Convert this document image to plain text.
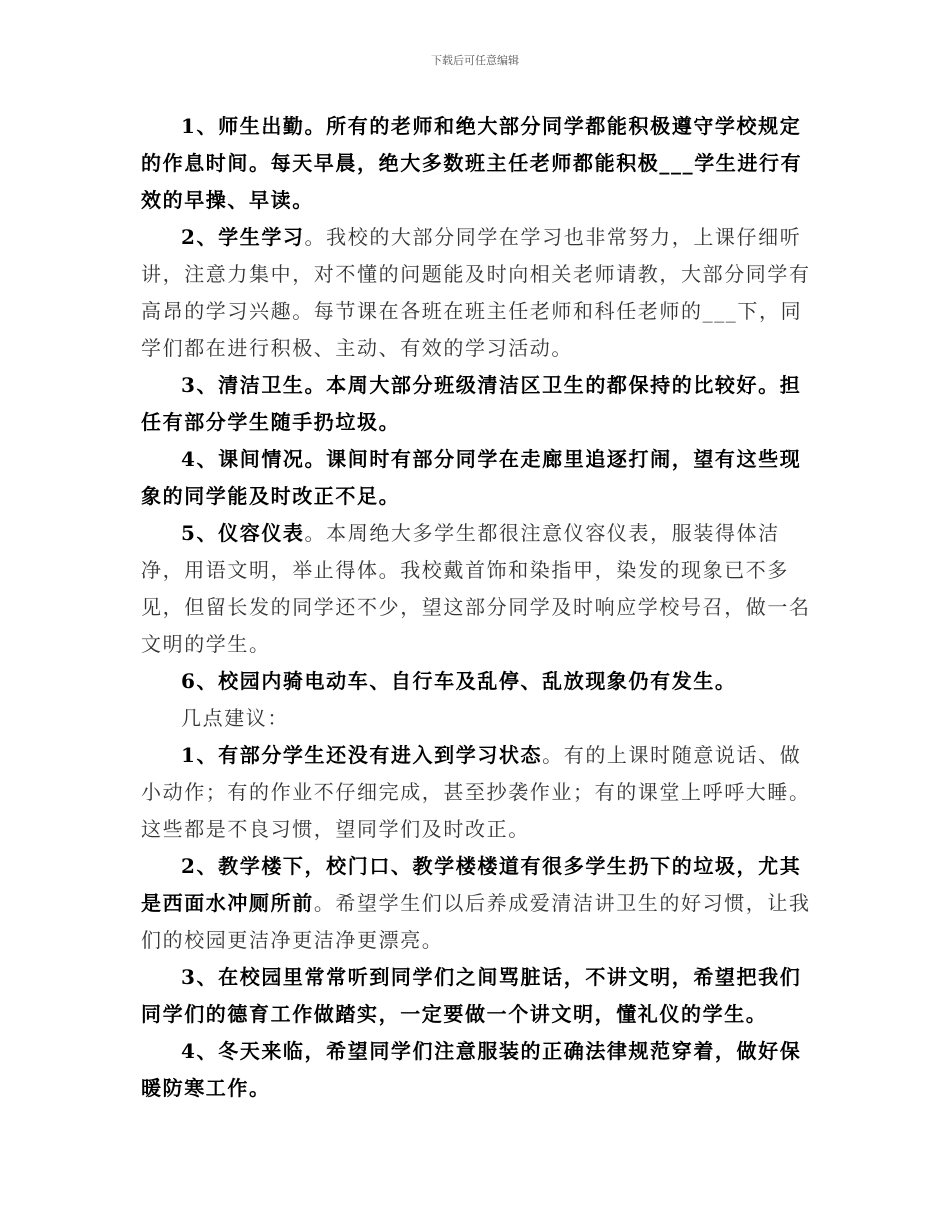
下载后可任意编辑

1、师生出勤。所有的老师和绝大部分同学都能积极遵守学校规定的作息时间。每天早晨，绝大多数班主任老师都能积极___学生进行有效的早操、早读。

2、学生学习。我校的大部分同学在学习也非常努力，上课仔细听讲，注意力集中，对不懂的问题能及时向相关老师请教，大部分同学有高昂的学习兴趣。每节课在各班在班主任老师和科任老师的___下，同学们都在进行积极、主动、有效的学习活动。

3、清洁卫生。本周大部分班级清洁区卫生的都保持的比较好。担任有部分学生随手扔垃圾。

4、课间情况。课间时有部分同学在走廊里追逐打闹，望有这些现象的同学能及时改正不足。

5、仪容仪表。本周绝大多学生都很注意仪容仪表，服装得体洁净，用语文明，举止得体。我校戴首饰和染指甲，染发的现象已不多见，但留长发的同学还不少，望这部分同学及时响应学校号召，做一名文明的学生。

6、校园内骑电动车、自行车及乱停、乱放现象仍有发生。

几点建议：

1、有部分学生还没有进入到学习状态。有的上课时随意说话、做小动作；有的作业不仔细完成，甚至抄袭作业；有的课堂上呼呼大睡。这些都是不良习惯，望同学们及时改正。

2、教学楼下，校门口、教学楼楼道有很多学生扔下的垃圾，尤其是西面水冲厕所前。希望学生们以后养成爱清洁讲卫生的好习惯，让我们的校园更洁净更洁净更漂亮。

3、在校园里常常听到同学们之间骂脏话，不讲文明，希望把我们同学们的德育工作做踏实，一定要做一个讲文明，懂礼仪的学生。

4、冬天来临，希望同学们注意服装的正确法律规范穿着，做好保暖防寒工作。
